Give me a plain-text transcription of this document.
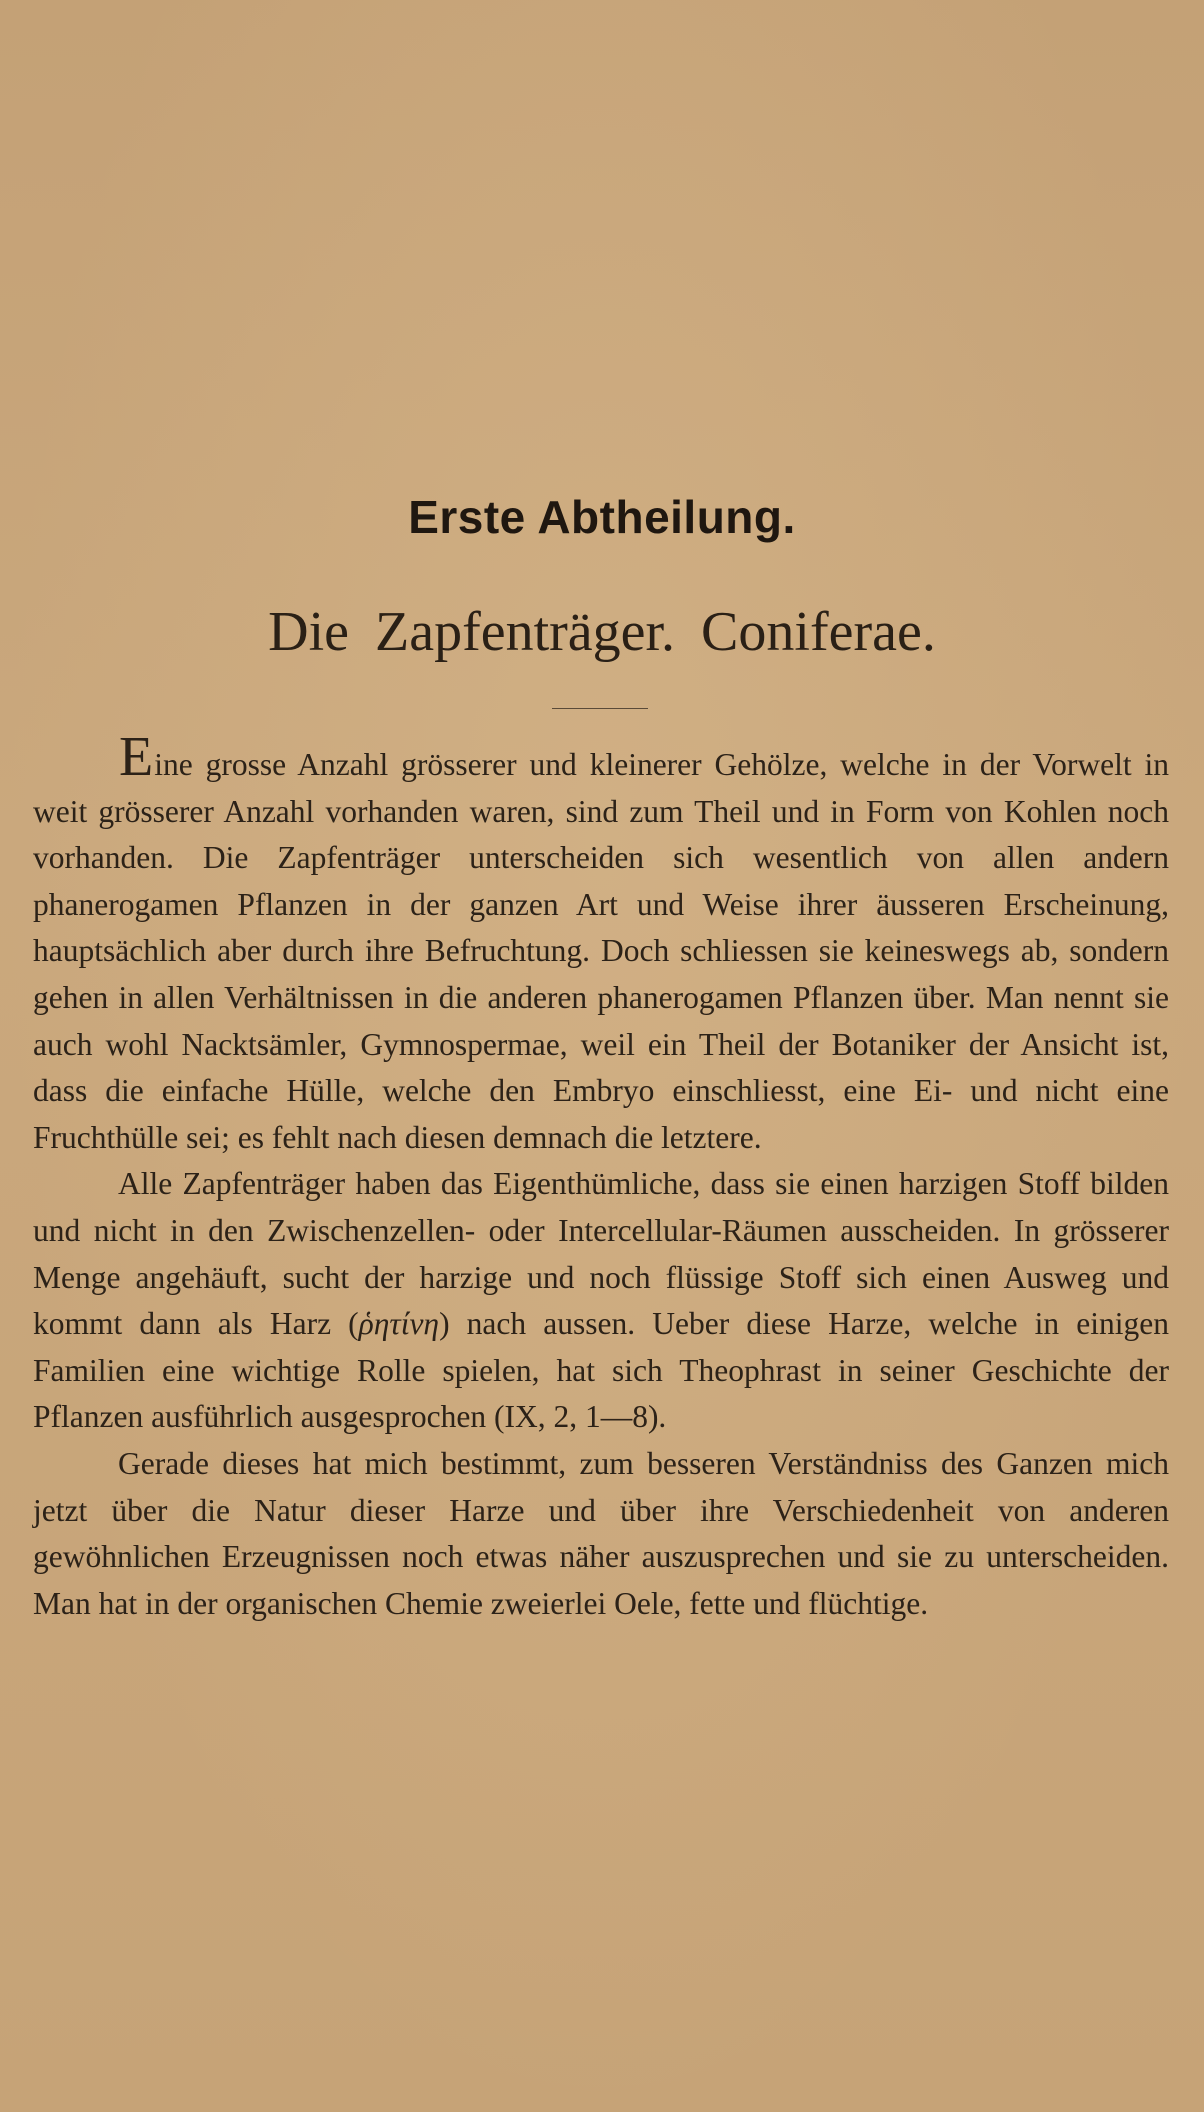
Erste Abtheilung.
Die Zapfenträger. Coniferae.

Eine grosse Anzahl grösserer und kleinerer Gehölze, welche in der Vorwelt in weit grösserer Anzahl vorhanden waren, sind zum Theil und in Form von Kohlen noch vorhanden. Die Zapfenträger unterscheiden sich wesentlich von allen andern phanerogamen Pflanzen in der ganzen Art und Weise ihrer äusseren Erscheinung, hauptsächlich aber durch ihre Befruchtung. Doch schliessen sie keineswegs ab, sondern gehen in allen Verhältnissen in die anderen phanerogamen Pflanzen über. Man nennt sie auch wohl Nacktsämler, Gymnospermae, weil ein Theil der Botaniker der Ansicht ist, dass die einfache Hülle, welche den Embryo einschliesst, eine Ei- und nicht eine Fruchthülle sei; es fehlt nach diesen demnach die letztere.

Alle Zapfenträger haben das Eigenthümliche, dass sie einen harzigen Stoff bilden und nicht in den Zwischenzellen- oder Intercellular-Räumen ausscheiden. In grösserer Menge angehäuft, sucht der harzige und noch flüssige Stoff sich einen Ausweg und kommt dann als Harz (ῥητίνη) nach aussen. Ueber diese Harze, welche in einigen Familien eine wichtige Rolle spielen, hat sich Theophrast in seiner Geschichte der Pflanzen ausführlich ausgesprochen (IX, 2, 1—8).

Gerade dieses hat mich bestimmt, zum besseren Verständniss des Ganzen mich jetzt über die Natur dieser Harze und über ihre Verschiedenheit von anderen gewöhnlichen Erzeugnissen noch etwas näher auszusprechen und sie zu unterscheiden. Man hat in der organischen Chemie zweierlei Oele, fette und flüchtige.
